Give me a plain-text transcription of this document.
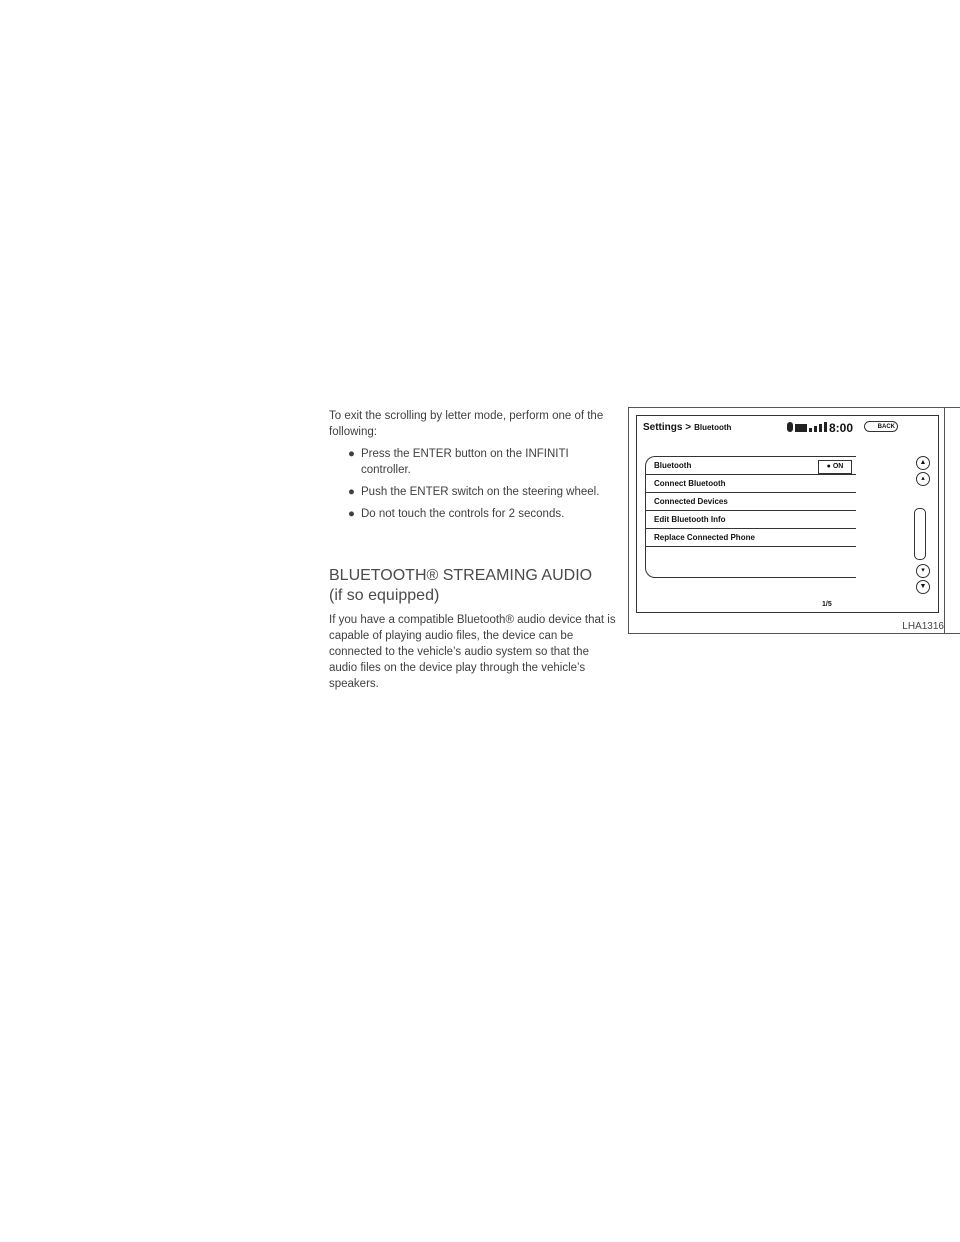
To exit the scrolling by letter mode, perform one of the following:
● Press the ENTER button on the INFINITI controller.
● Push the ENTER switch on the steering wheel.
● Do not touch the controls for 2 seconds.
BLUETOOTH® STREAMING AUDIO
(if so equipped)
If you have a compatible Bluetooth® audio device that is capable of playing audio files, the device can be connected to the vehicle’s audio system so that the audio files on the device play through the vehicle’s speakers.
Settings > Bluetooth	8:00	BACK
Bluetooth	● ON
Connect Bluetooth
Connected Devices
Edit Bluetooth Info
Replace Connected Phone
▲
▴
▾
▼
1/5
LHA1316
